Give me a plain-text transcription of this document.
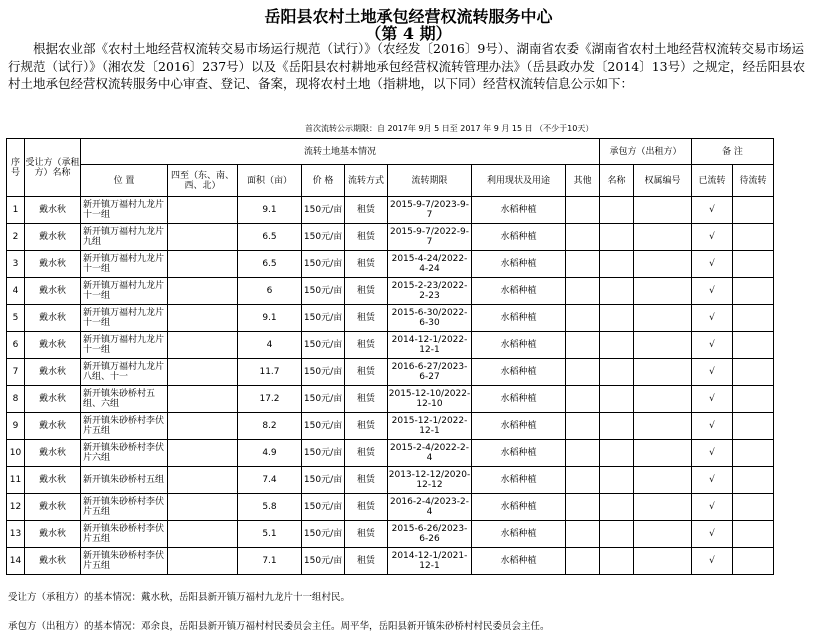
岳阳县农村土地承包经营权流转服务中心
（第 4 期）
根据农业部《农村土地经营权流转交易市场运行规范（试行）》（农经发〔2016〕9号）、湖南省农委《湖南省农村土地经营权流转交易市场运行规范（试行）》（湘农发〔2016〕237号）以及《岳阳县农村耕地承包经营权流转管理办法》（岳县政办发〔2014〕13号）之规定，经岳阳县农村土地承包经营权流转服务中心审查、登记、备案，现将农村土地（指耕地，以下同）经营权流转信息公示如下：
首次流转公示期限：自 2017年 9月 5 日至 2017 年 9 月 15 日 （不少于10天）
序号	受让方（承租方）名称	流转土地基本情况								承包方（出租方）		备 注	
		位 置	四至（东、南、西、北）	面积（亩）	价 格	流转方式	流转期限	利用现状及用途	其他	名称	权属编号	已流转	待流转
1	戴水秋	新开镇万福村九龙片十一组		9.1	150元/亩	租赁	2015-9-7/2023-9-7	水稻种植				√	
2	戴水秋	新开镇万福村九龙片九组		6.5	150元/亩	租赁	2015-9-7/2022-9-7	水稻种植				√	
3	戴水秋	新开镇万福村九龙片十一组		6.5	150元/亩	租赁	2015-4-24/2022-4-24	水稻种植				√	
4	戴水秋	新开镇万福村九龙片十一组		6	150元/亩	租赁	2015-2-23/2022-2-23	水稻种植				√	
5	戴水秋	新开镇万福村九龙片十一组		9.1	150元/亩	租赁	2015-6-30/2022-6-30	水稻种植				√	
6	戴水秋	新开镇万福村九龙片十一组		4	150元/亩	租赁	2014-12-1/2022-12-1	水稻种植				√	
7	戴水秋	新开镇万福村九龙片八组、十一		11.7	150元/亩	租赁	2016-6-27/2023-6-27	水稻种植				√	
8	戴水秋	新开镇朱砂桥村五组、六组		17.2	150元/亩	租赁	2015-12-10/2022-12-10	水稻种植				√	
9	戴水秋	新开镇朱砂桥村李伏片五组		8.2	150元/亩	租赁	2015-12-1/2022-12-1	水稻种植				√	
10	戴水秋	新开镇朱砂桥村李伏片六组		4.9	150元/亩	租赁	2015-2-4/2022-2-4	水稻种植				√	
11	戴水秋	新开镇朱砂桥村五组		7.4	150元/亩	租赁	2013-12-12/2020-12-12	水稻种植				√	
12	戴水秋	新开镇朱砂桥村李伏片五组		5.8	150元/亩	租赁	2016-2-4/2023-2-4	水稻种植				√	
13	戴水秋	新开镇朱砂桥村李伏片五组		5.1	150元/亩	租赁	2015-6-26/2023-6-26	水稻种植				√	
14	戴水秋	新开镇朱砂桥村李伏片五组		7.1	150元/亩	租赁	2014-12-1/2021-12-1	水稻种植				√	
受让方（承租方）的基本情况：戴水秋，岳阳县新开镇万福村九龙片十一组村民。
承包方（出租方）的基本情况：邓余良，岳阳县新开镇万福村村民委员会主任。周平华，岳阳县新开镇朱砂桥村村民委员会主任。
